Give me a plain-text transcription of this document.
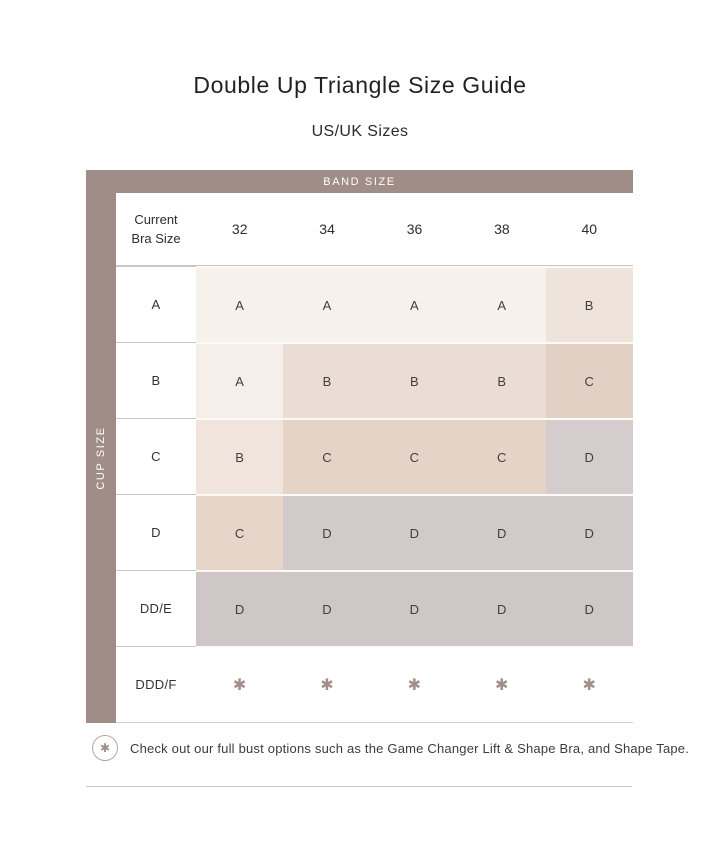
Double Up Triangle Size Guide
US/UK Sizes
BAND SIZE
CUP SIZE
Current
Bra Size
32	34	36	38	40
A	A	A	A	A	B
B	A	B	B	B	C
C	B	C	C	C	D
D	C	D	D	D	D
DD/E	D	D	D	D	D
DDD/F	✱	✱	✱	✱	✱
✱ Check out our full bust options such as the Game Changer Lift & Shape Bra, and Shape Tape.
